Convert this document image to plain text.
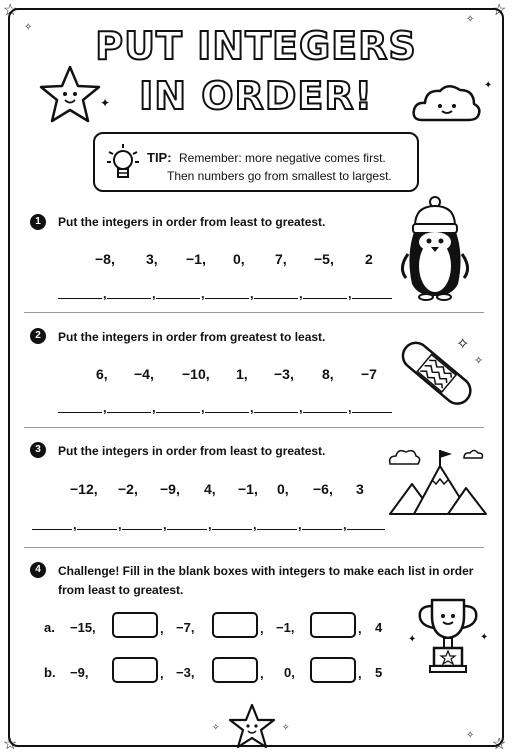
☆	☆
☆	☆
✧
✧
✧
PUT INTEGERS
IN ORDER!
✦
✦
TIP: Remember: more negative comes first.
Then numbers go from smallest to largest.
1	Put the integers in order from least to greatest.
−8, 3, −1, 0, 7, −5, 2
,	,	,	,	,	,
2	Put the integers in order from greatest to least.
6, −4, −10, 1, −3, 8, −7
,	,	,	,	,	,
✧
✧
3	Put the integers in order from least to greatest.
−12, −2, −9, 4, −1, 0, −6, 3
,	,	,	,	,	,	,
4	Challenge! Fill in the blank boxes with integers to make each list in order
from least to greatest.
a. −15,	, −7,	, −1,	, 4
b. −9,	, −3,	, 0,	, 5
✦	✦
✧	✧
